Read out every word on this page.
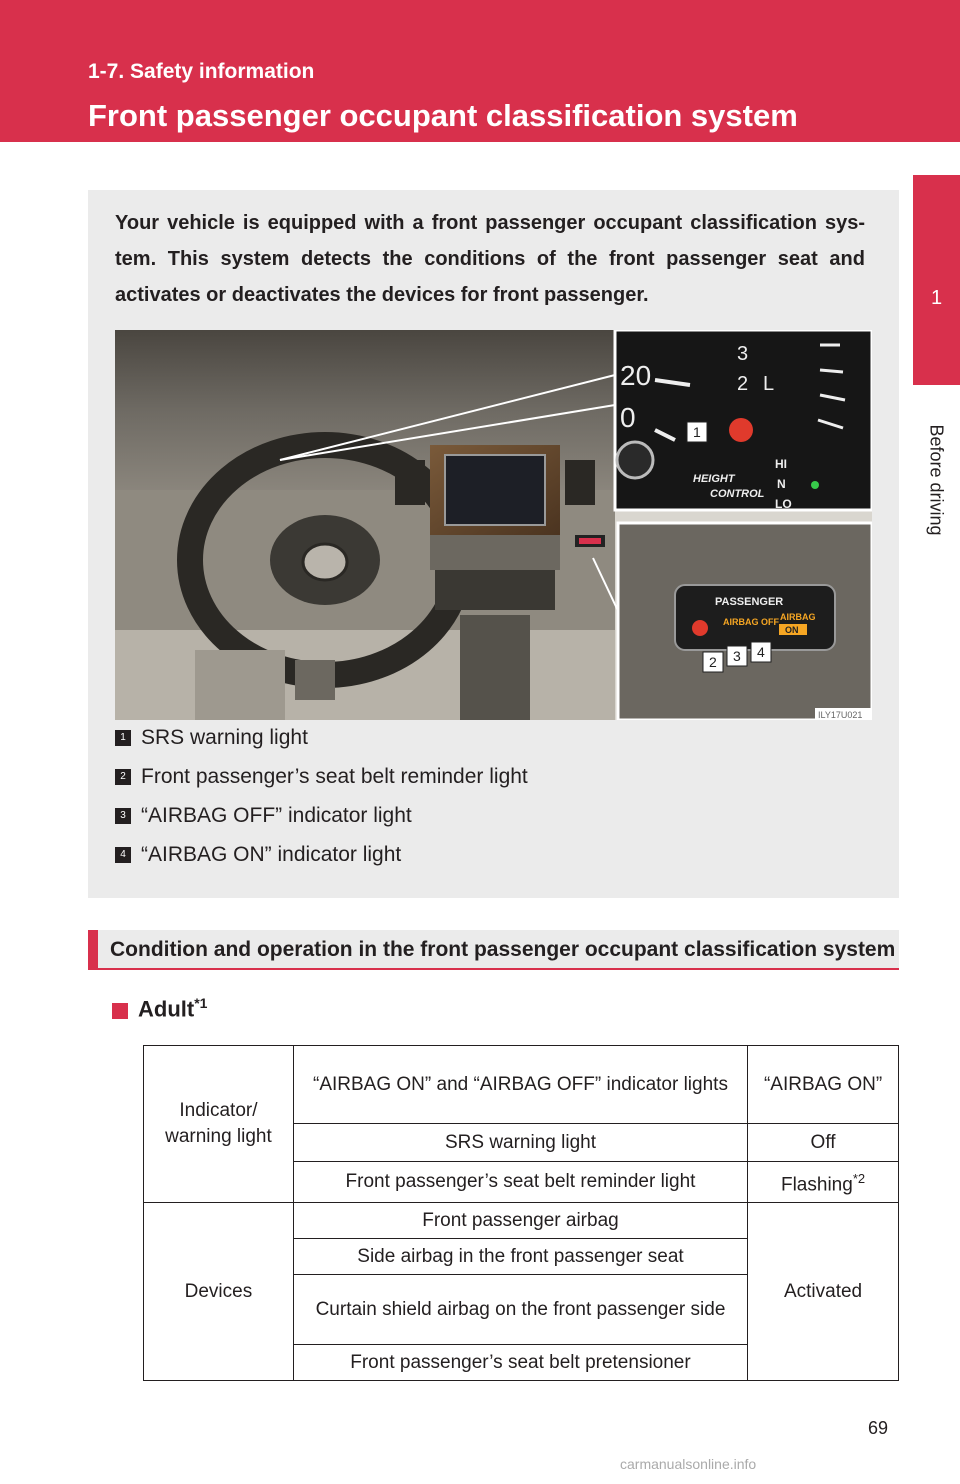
1-7. Safety information
Front passenger occupant classification system
1
Before driving
Your vehicle is equipped with a front passenger occupant classification sys- tem. This system detects the conditions of the front passenger seat and activates or deactivates the devices for front passenger.
20
0
3
2 L
1
HEIGHT
CONTROL
HI
N
LO
PASSENGER
AIRBAG OFF AIRBAG
ON
2 3 4
ILY17U021
1 SRS warning light
2 Front passenger’s seat belt reminder light
3 “AIRBAG OFF” indicator light
4 “AIRBAG ON” indicator light
Condition and operation in the front passenger occupant classification system
Adult$^{*1}$
Indicator/ warning light	“AIRBAG ON” and “AIRBAG OFF” indicator lights	“AIRBAG ON”
	SRS warning light	Off
	Front passenger’s seat belt reminder light	Flashing$^{*2}$
Devices	Front passenger airbag	Activated
	Side airbag in the front passenger seat	
	Curtain shield airbag on the front passenger side	
	Front passenger’s seat belt pretensioner	
69
carmanualsonline.info
